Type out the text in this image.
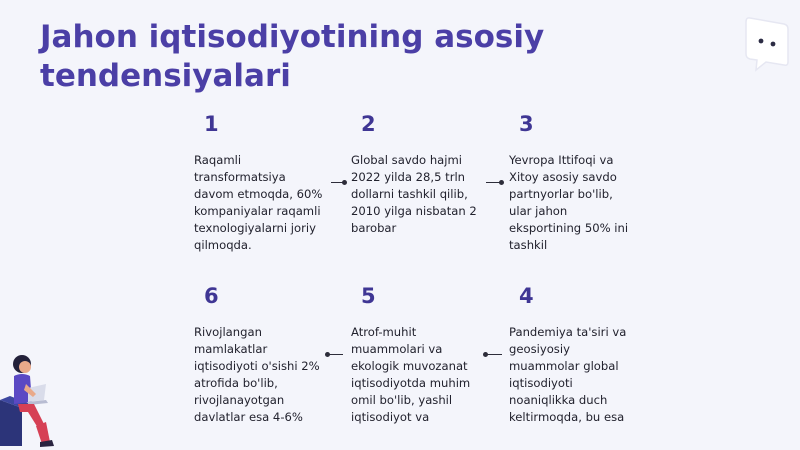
Jahon iqtisodiyotining asosiy
tendensiyalari
1
Raqamli
transformatsiya
davom etmoqda, 60%
kompaniyalar raqamli
texnologiyalarni joriy
qilmoqda.
2
Global savdo hajmi
2022 yilda 28,5 trln
dollarni tashkil qilib,
2010 yilga nisbatan 2
barobar
3
Yevropa Ittifoqi va
Xitoy asosiy savdo
partnyorlar bo'lib,
ular jahon
eksportining 50% ini
tashkil
6
Rivojlangan
mamlakatlar
iqtisodiyoti o'sishi 2%
atrofida bo'lib,
rivojlanayotgan
davlatlar esa 4-6%
5
Atrof-muhit
muammolari va
ekologik muvozanat
iqtisodiyotda muhim
omil bo'lib, yashil
iqtisodiyot va
4
Pandemiya ta'siri va
geosiyosiy
muammolar global
iqtisodiyoti
noaniqlikka duch
keltirmoqda, bu esa
